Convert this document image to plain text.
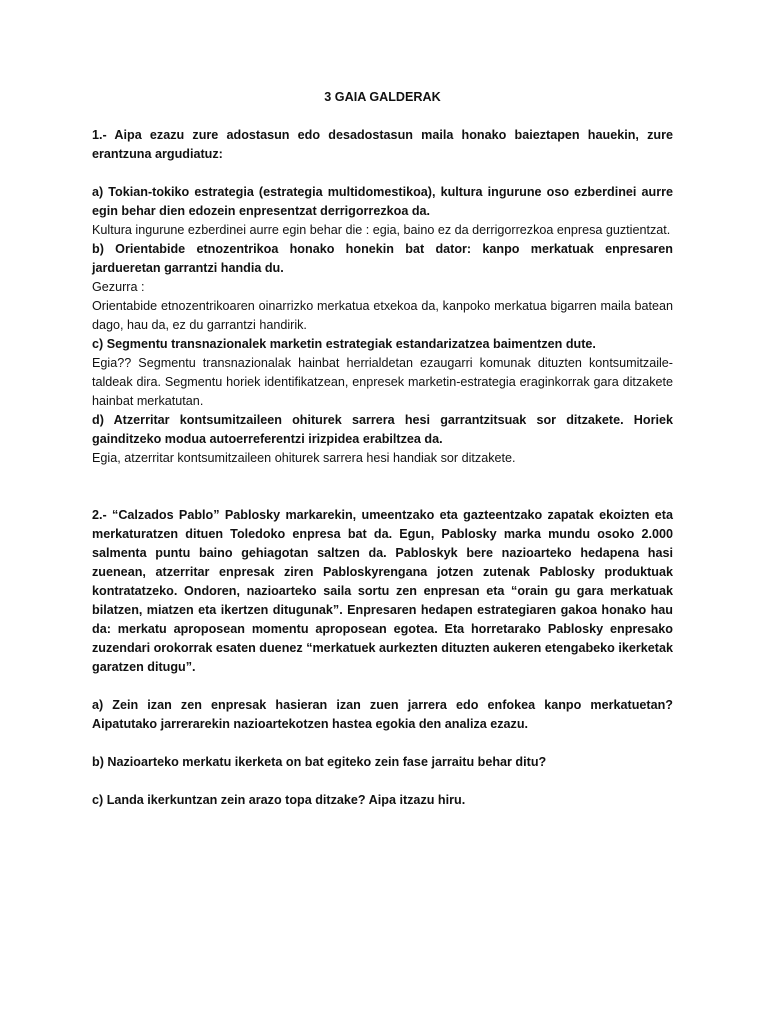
3 GAIA GALDERAK

1.- Aipa ezazu zure adostasun edo desadostasun maila honako baieztapen hauekin, zure erantzuna argudiatuz:

a) Tokian-tokiko estrategia (estrategia multidomestikoa), kultura ingurune oso ezberdinei aurre egin behar dien edozein enpresentzat derrigorrezkoa da.

Kultura ingurune ezberdinei aurre egin behar die : egia, baino ez da derrigorrezkoa enpresa guztientzat.

b) Orientabide etnozentrikoa honako honekin bat dator: kanpo merkatuak enpresaren jardueretan garrantzi handia du.

Gezurra :

Orientabide etnozentrikoaren oinarrizko merkatua etxekoa da, kanpoko merkatua bigarren maila batean dago, hau da, ez du garrantzi handirik.

c) Segmentu transnazionalek marketin estrategiak estandarizatzea baimentzen dute.

Egia?? Segmentu transnazionalak hainbat herrialdetan ezaugarri komunak dituzten kontsumitzaile-taldeak dira. Segmentu horiek identifikatzean, enpresek marketin-estrategia eraginkorrak gara ditzakete hainbat merkatutan.

d) Atzerritar kontsumitzaileen ohiturek sarrera hesi garrantzitsuak sor ditzakete. Horiek gainditzeko modua autoerreferentzi irizpidea erabiltzea da.

Egia, atzerritar kontsumitzaileen ohiturek sarrera hesi handiak sor ditzakete.

2.- “Calzados Pablo” Pablosky markarekin, umeentzako eta gazteentzako zapatak ekoizten eta merkaturatzen dituen Toledoko enpresa bat da. Egun, Pablosky marka mundu osoko 2.000 salmenta puntu baino gehiagotan saltzen da. Pabloskyk bere nazioarteko hedapena hasi zuenean, atzerritar enpresak ziren Pabloskyrengana jotzen zutenak Pablosky produktuak kontratatzeko. Ondoren, nazioarteko saila sortu zen enpresan eta “orain gu gara merkatuak bilatzen, miatzen eta ikertzen ditugunak”. Enpresaren hedapen estrategiaren gakoa honako hau da: merkatu aproposean momentu aproposean egotea. Eta horretarako Pablosky enpresako zuzendari orokorrak esaten duenez “merkatuek aurkezten dituzten aukeren etengabeko ikerketak garatzen ditugu”.

a) Zein izan zen enpresak hasieran izan zuen jarrera edo enfokea kanpo merkatuetan? Aipatutako jarrerarekin nazioartekotzen hastea egokia den analiza ezazu.

b) Nazioarteko merkatu ikerketa on bat egiteko zein fase jarraitu behar ditu?

c) Landa ikerkuntzan zein arazo topa ditzake? Aipa itzazu hiru.
